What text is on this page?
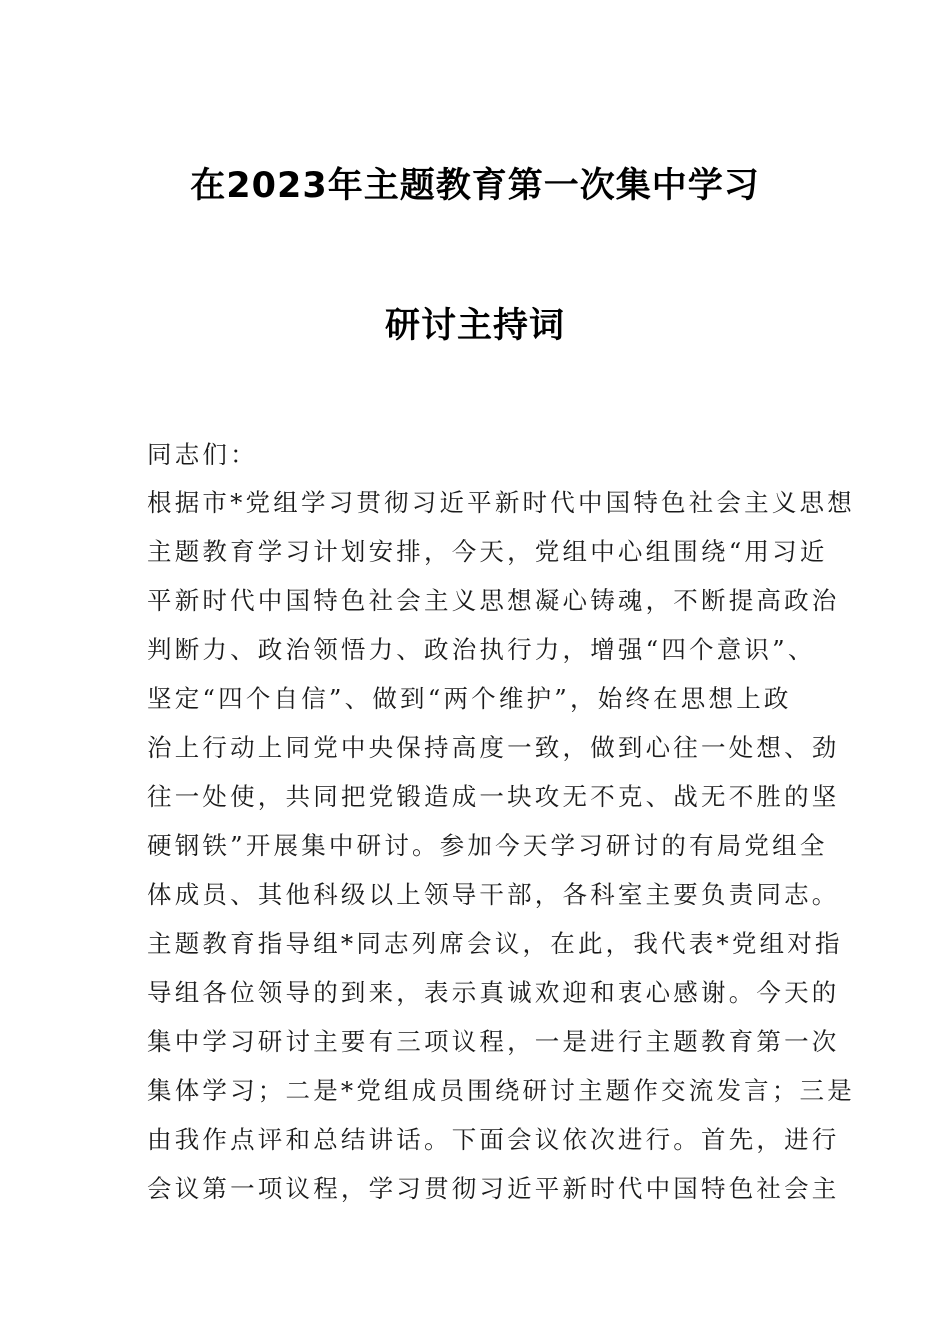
在2023年主题教育第一次集中学习
研讨主持词
同志们：
根据市*党组学习贯彻习近平新时代中国特色社会主义思想
主题教育学习计划安排，今天，党组中心组围绕“用习近
平新时代中国特色社会主义思想凝心铸魂，不断提高政治
判断力、政治领悟力、政治执行力，增强“四个意识”、
坚定“四个自信”、做到“两个维护”，始终在思想上政
治上行动上同党中央保持高度一致，做到心往一处想、劲
往一处使，共同把党锻造成一块攻无不克、战无不胜的坚
硬钢铁”开展集中研讨。参加今天学习研讨的有局党组全
体成员、其他科级以上领导干部，各科室主要负责同志。
主题教育指导组*同志列席会议，在此，我代表*党组对指
导组各位领导的到来，表示真诚欢迎和衷心感谢。今天的
集中学习研讨主要有三项议程，一是进行主题教育第一次
集体学习；二是*党组成员围绕研讨主题作交流发言；三是
由我作点评和总结讲话。下面会议依次进行。首先，进行
会议第一项议程，学习贯彻习近平新时代中国特色社会主
